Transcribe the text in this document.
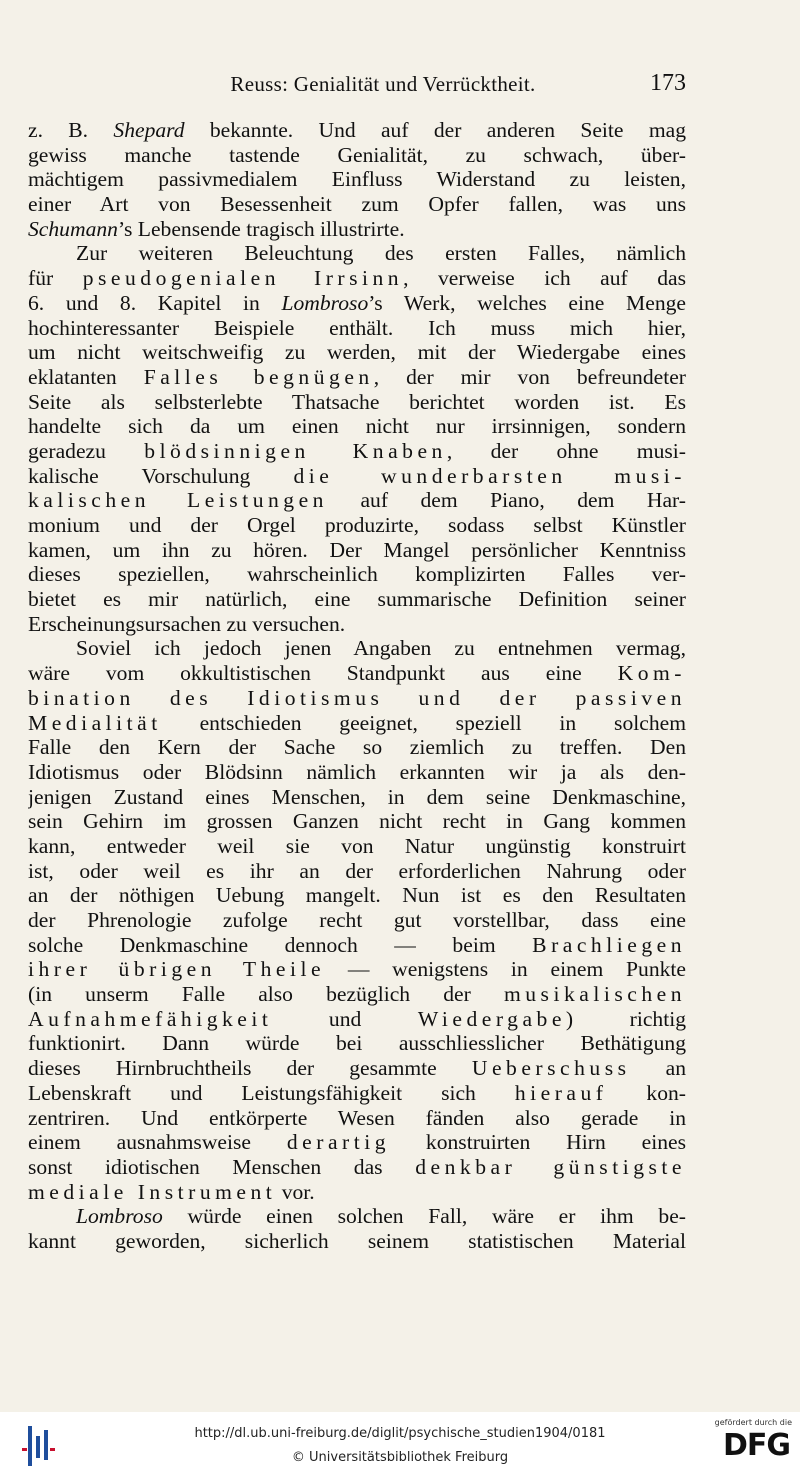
Reuss: Genialität und Verrücktheit.	173
z. B. Shepard bekannte. Und auf der anderen Seite mag
gewiss manche tastende Genialität, zu schwach, über-
mächtigem passivmedialem Einfluss Widerstand zu leisten,
einer Art von Besessenheit zum Opfer fallen, was uns
Schumann’s Lebensende tragisch illustrirte.
Zur weiteren Beleuchtung des ersten Falles, nämlich
für pseudogenialen Irrsinn, verweise ich auf das
6. und 8. Kapitel in Lombroso’s Werk, welches eine Menge
hochinteressanter Beispiele enthält. Ich muss mich hier,
um nicht weitschweifig zu werden, mit der Wiedergabe eines
eklatanten Falles begnügen, der mir von befreundeter
Seite als selbsterlebte Thatsache berichtet worden ist. Es
handelte sich da um einen nicht nur irrsinnigen, sondern
geradezu blödsinnigen Knaben, der ohne musi-
kalische Vorschulung die wunderbarsten musi-
kalischen Leistungen auf dem Piano, dem Har-
monium und der Orgel produzirte, sodass selbst Künstler
kamen, um ihn zu hören. Der Mangel persönlicher Kenntniss
dieses speziellen, wahrscheinlich komplizirten Falles ver-
bietet es mir natürlich, eine summarische Definition seiner
Erscheinungsursachen zu versuchen.
Soviel ich jedoch jenen Angaben zu entnehmen vermag,
wäre vom okkultistischen Standpunkt aus eine Kom-
bination des Idiotismus und der passiven
Medialität entschieden geeignet, speziell in solchem
Falle den Kern der Sache so ziemlich zu treffen. Den
Idiotismus oder Blödsinn nämlich erkannten wir ja als den-
jenigen Zustand eines Menschen, in dem seine Denkmaschine,
sein Gehirn im grossen Ganzen nicht recht in Gang kommen
kann, entweder weil sie von Natur ungünstig konstruirt
ist, oder weil es ihr an der erforderlichen Nahrung oder
an der nöthigen Uebung mangelt. Nun ist es den Resultaten
der Phrenologie zufolge recht gut vorstellbar, dass eine
solche Denkmaschine dennoch — beim Brachliegen
ihrer übrigen Theile — wenigstens in einem Punkte
(in unserm Falle also bezüglich der musikalischen
Aufnahmefähigkeit und Wiedergabe) richtig
funktionirt. Dann würde bei ausschliesslicher Bethätigung
dieses Hirnbruchtheils der gesammte Ueberschuss an
Lebenskraft und Leistungsfähigkeit sich hierauf kon-
zentriren. Und entkörperte Wesen fänden also gerade in
einem ausnahmsweise derartig konstruirten Hirn eines
sonst idiotischen Menschen das denkbar günstigste
mediale Instrument vor.
Lombroso würde einen solchen Fall, wäre er ihm be-
kannt geworden, sicherlich seinem statistischen Material
http://dl.ub.uni-freiburg.de/diglit/psychische_studien1904/0181
© Universitätsbibliothek Freiburg
gefördert durch die
DFG
